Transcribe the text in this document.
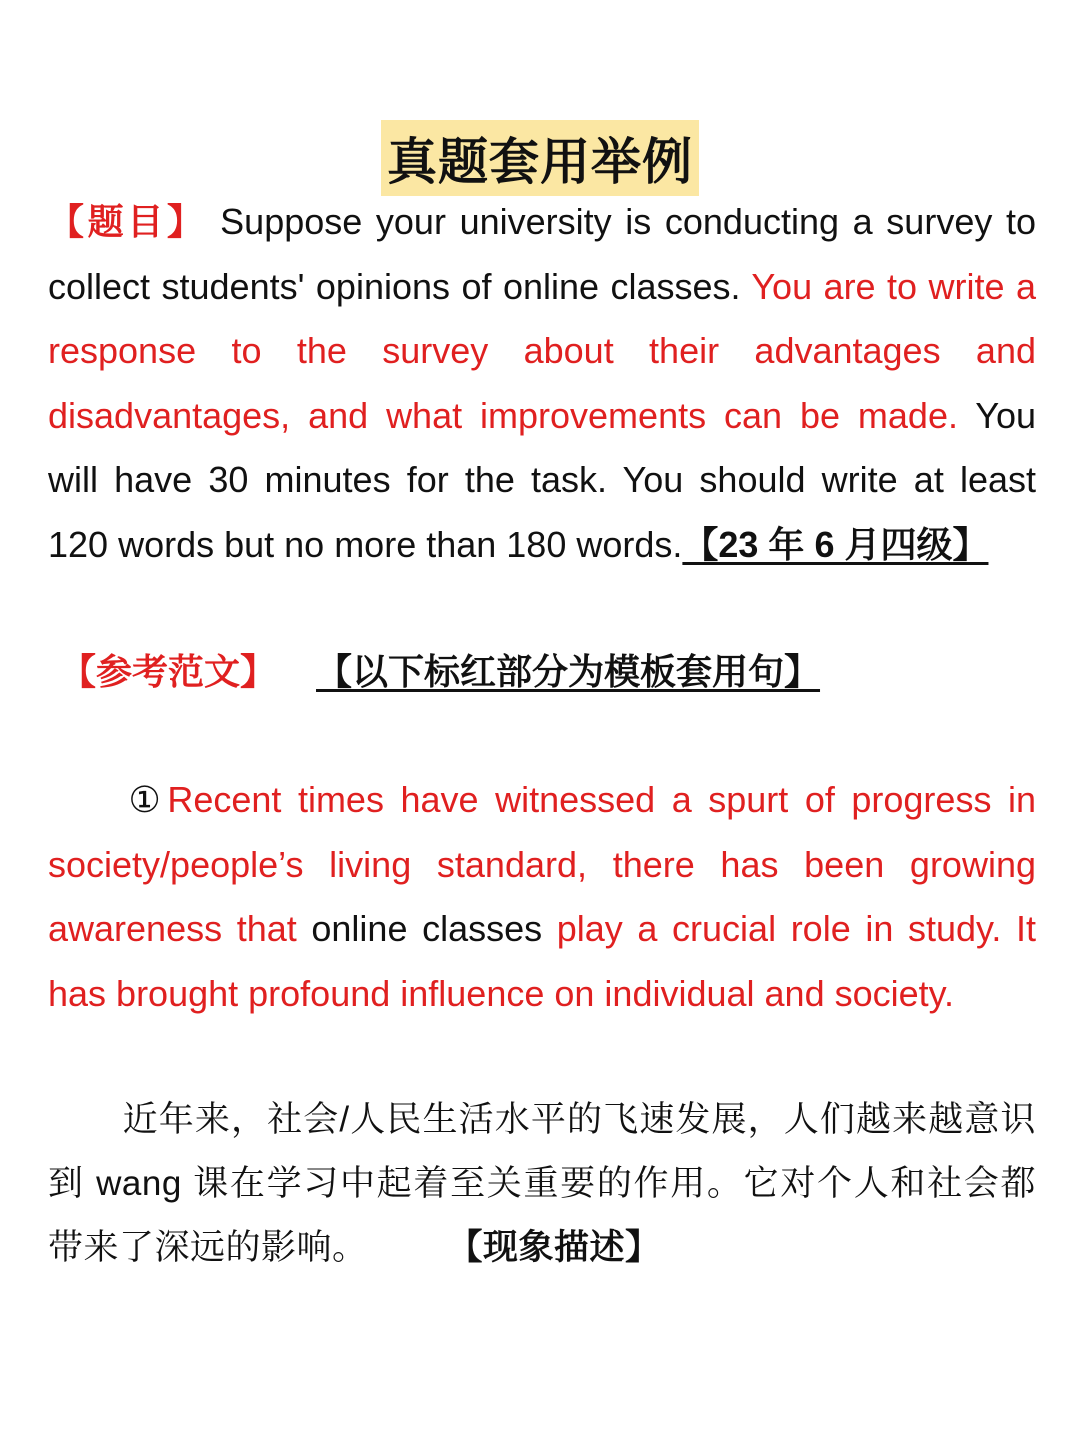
真题套用举例
【题目】 Suppose your university is conducting a survey to collect students' opinions of online classes. You are to write a response to the survey about their advantages and disadvantages, and what improvements can be made. You will have 30 minutes for the task. You should write at least 120 words but no more than 180 words.【23 年 6 月四级】
【参考范文】 【以下标红部分为模板套用句】
①Recent times have witnessed a spurt of progress in society/people’s living standard, there has been growing awareness that online classes play a crucial role in study. It has brought profound influence on individual and society.
近年来，社会/人民生活水平的飞速发展，人们越来越意识到 wang 课在学习中起着至关重要的作用。它对个人和社会都带来了深远的影响。 【现象描述】
